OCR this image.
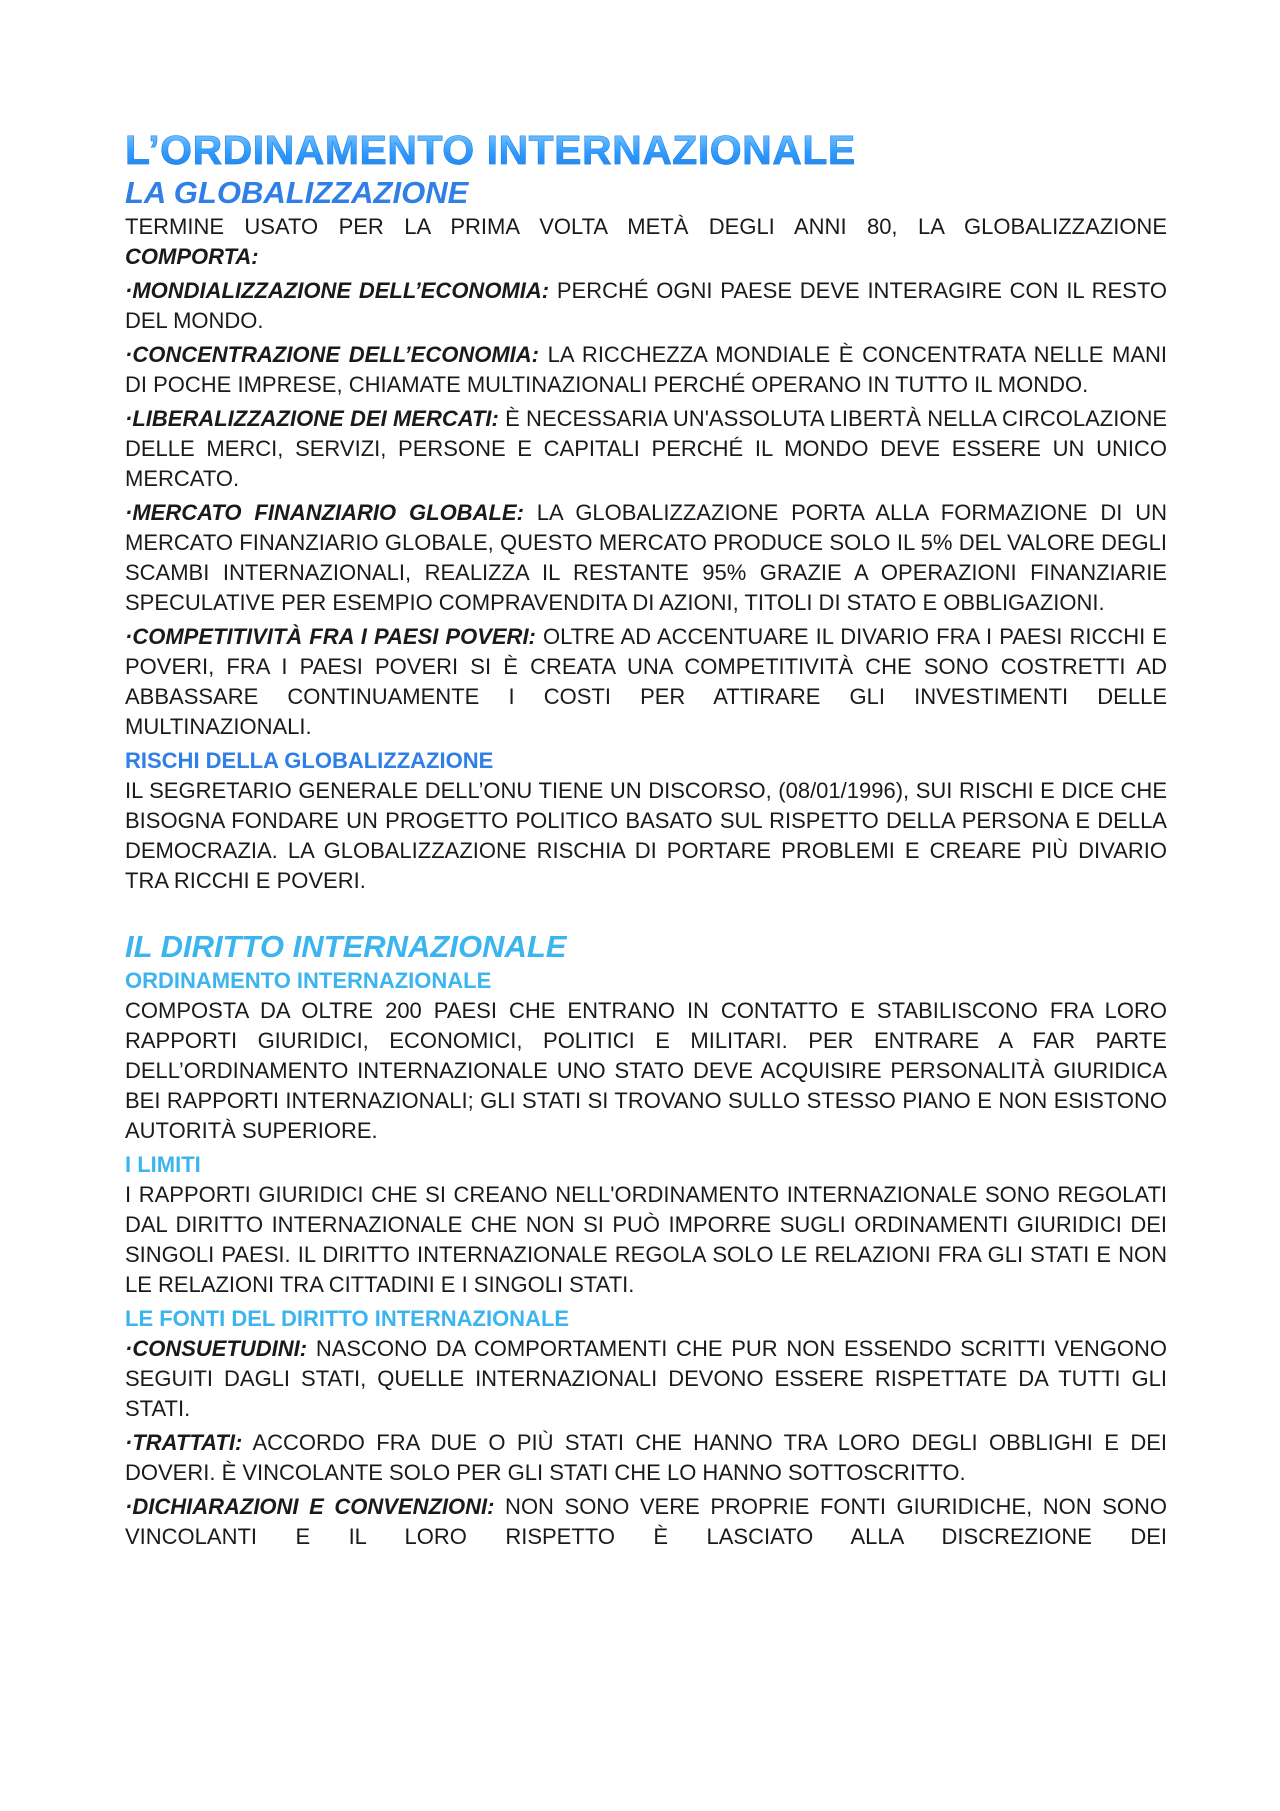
L’ORDINAMENTO INTERNAZIONALE
LA GLOBALIZZAZIONE

TERMINE USATO PER LA PRIMA VOLTA METÀ DEGLI ANNI 80, LA GLOBALIZZAZIONE

COMPORTA:

·MONDIALIZZAZIONE DELL’ECONOMIA: PERCHÉ OGNI PAESE DEVE INTERAGIRE CON IL RESTO DEL MONDO.

·CONCENTRAZIONE DELL’ECONOMIA: LA RICCHEZZA MONDIALE È CONCENTRATA NELLE MANI DI POCHE IMPRESE, CHIAMATE MULTINAZIONALI PERCHÉ OPERANO IN TUTTO IL MONDO.

·LIBERALIZZAZIONE DEI MERCATI: È NECESSARIA UN'ASSOLUTA LIBERTÀ NELLA CIRCOLAZIONE DELLE MERCI, SERVIZI, PERSONE E CAPITALI PERCHÉ IL MONDO DEVE ESSERE UN UNICO MERCATO.

·MERCATO FINANZIARIO GLOBALE: LA GLOBALIZZAZIONE PORTA ALLA FORMAZIONE DI UN MERCATO FINANZIARIO GLOBALE, QUESTO MERCATO PRODUCE SOLO IL 5% DEL VALORE DEGLI SCAMBI INTERNAZIONALI, REALIZZA IL RESTANTE 95% GRAZIE A OPERAZIONI FINANZIARIE SPECULATIVE PER ESEMPIO COMPRAVENDITA DI AZIONI, TITOLI DI STATO E OBBLIGAZIONI.

·COMPETITIVITÀ FRA I PAESI POVERI: OLTRE AD ACCENTUARE IL DIVARIO FRA I PAESI RICCHI E POVERI, FRA I PAESI POVERI SI È CREATA UNA COMPETITIVITÀ CHE SONO COSTRETTI AD ABBASSARE CONTINUAMENTE I COSTI PER ATTIRARE GLI INVESTIMENTI DELLE MULTINAZIONALI.

RISCHI DELLA GLOBALIZZAZIONE

IL SEGRETARIO GENERALE DELL’ONU TIENE UN DISCORSO, (08/01/1996), SUI RISCHI E DICE CHE BISOGNA FONDARE UN PROGETTO POLITICO BASATO SUL RISPETTO DELLA PERSONA E DELLA DEMOCRAZIA. LA GLOBALIZZAZIONE RISCHIA DI PORTARE PROBLEMI E CREARE PIÙ DIVARIO TRA RICCHI E POVERI.

IL DIRITTO INTERNAZIONALE
ORDINAMENTO INTERNAZIONALE

COMPOSTA DA OLTRE 200 PAESI CHE ENTRANO IN CONTATTO E STABILISCONO FRA LORO RAPPORTI GIURIDICI, ECONOMICI, POLITICI E MILITARI. PER ENTRARE A FAR PARTE DELL’ORDINAMENTO INTERNAZIONALE UNO STATO DEVE ACQUISIRE PERSONALITÀ GIURIDICA BEI RAPPORTI INTERNAZIONALI; GLI STATI SI TROVANO SULLO STESSO PIANO E NON ESISTONO AUTORITÀ SUPERIORE.

I LIMITI

I RAPPORTI GIURIDICI CHE SI CREANO NELL'ORDINAMENTO INTERNAZIONALE SONO REGOLATI DAL DIRITTO INTERNAZIONALE CHE NON SI PUÒ IMPORRE SUGLI ORDINAMENTI GIURIDICI DEI SINGOLI PAESI. IL DIRITTO INTERNAZIONALE REGOLA SOLO LE RELAZIONI FRA GLI STATI E NON LE RELAZIONI TRA CITTADINI E I SINGOLI STATI.

LE FONTI DEL DIRITTO INTERNAZIONALE

·CONSUETUDINI: NASCONO DA COMPORTAMENTI CHE PUR NON ESSENDO SCRITTI VENGONO SEGUITI DAGLI STATI, QUELLE INTERNAZIONALI DEVONO ESSERE RISPETTATE DA TUTTI GLI STATI.

·TRATTATI: ACCORDO FRA DUE O PIÙ STATI CHE HANNO TRA LORO DEGLI OBBLIGHI E DEI DOVERI. È VINCOLANTE SOLO PER GLI STATI CHE LO HANNO SOTTOSCRITTO.

·DICHIARAZIONI E CONVENZIONI: NON SONO VERE PROPRIE FONTI GIURIDICHE, NON SONO VINCOLANTI E IL LORO RISPETTO È LASCIATO ALLA DISCREZIONE DEI
